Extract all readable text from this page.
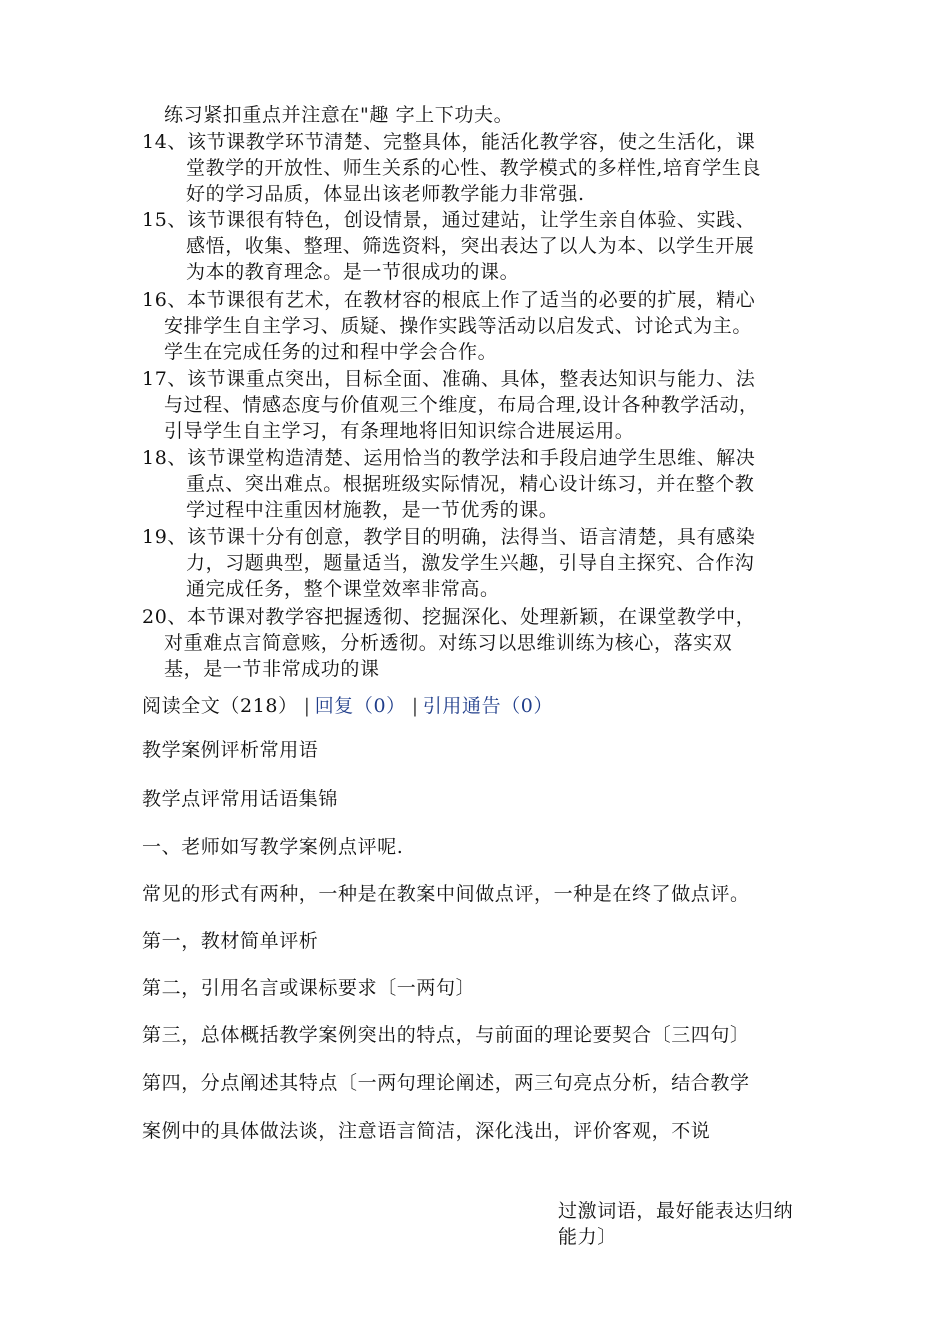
练习紧扣重点并注意在"趣 字上下功夫。
14、该节课教学环节清楚、完整具体，能活化教学容，使之生活化，课
堂教学的开放性、师生关系的心性、教学模式的多样性,培育学生良
好的学习品质，体显出该老师教学能力非常强.
15、该节课很有特色，创设情景，通过建站，让学生亲自体验、实践、
感悟，收集、整理、筛选资料，突出表达了以人为本、以学生开展
为本的教育理念。是一节很成功的课。
16、本节课很有艺术，在教材容的根底上作了适当的必要的扩展，精心
安排学生自主学习、质疑、操作实践等活动以启发式、讨论式为主。
学生在完成任务的过和程中学会合作。
17、该节课重点突出，目标全面、准确、具体，整表达知识与能力、法
与过程、情感态度与价值观三个维度，布局合理,设计各种教学活动，
引导学生自主学习，有条理地将旧知识综合进展运用。
18、该节课堂构造清楚、运用恰当的教学法和手段启迪学生思维、解决
重点、突出难点。根据班级实际情况，精心设计练习，并在整个教
学过程中注重因材施教，是一节优秀的课。
19、该节课十分有创意，教学目的明确，法得当、语言清楚，具有感染
力，习题典型，题量适当，激发学生兴趣，引导自主探究、合作沟
通完成任务，整个课堂效率非常高。
20、本节课对教学容把握透彻、挖掘深化、处理新颖，在课堂教学中，
对重难点言简意赅，分析透彻。对练习以思维训练为核心，落实双
基，是一节非常成功的课
阅读全文（218） | 回复（0） | 引用通告（0）
教学案例评析常用语
教学点评常用话语集锦
一、老师如写教学案例点评呢.
常见的形式有两种，一种是在教案中间做点评，一种是在终了做点评。
第一，教材简单评析
第二，引用名言或课标要求〔一两句〕
第三，总体概括教学案例突出的特点，与前面的理论要契合〔三四句〕
第四，分点阐述其特点〔一两句理论阐述，两三句亮点分析，结合教学
案例中的具体做法谈，注意语言简洁，深化浅出，评价客观，不说
过激词语，最好能表达归纳
能力〕
